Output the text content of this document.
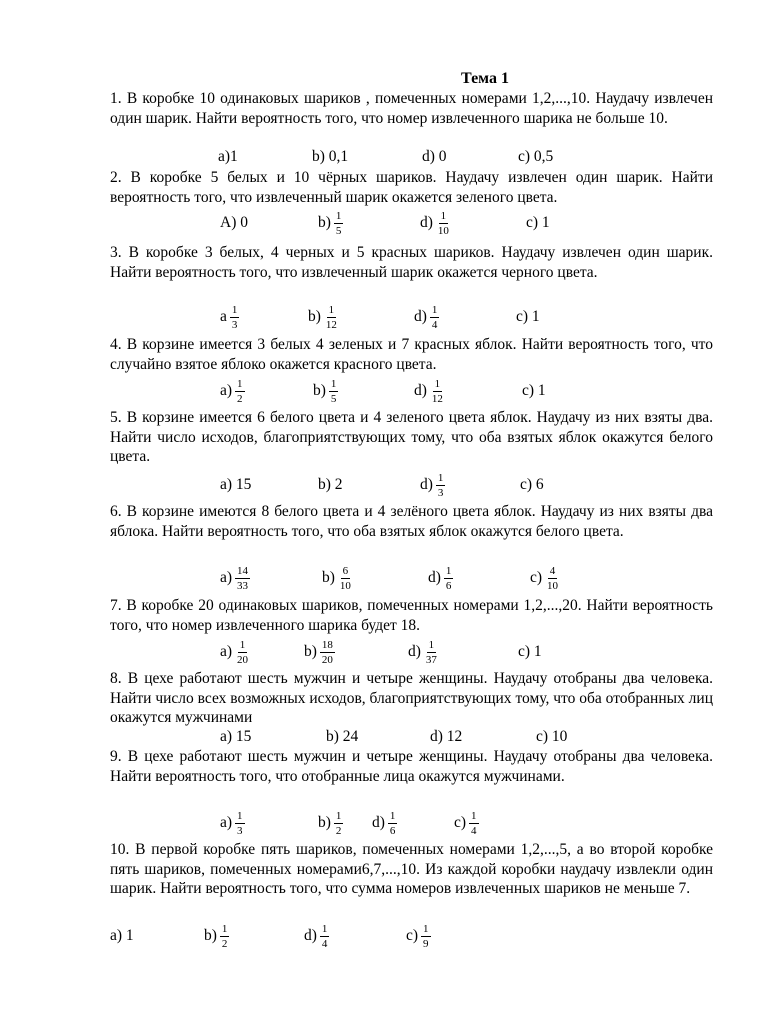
Тема 1

1. В коробке 10 одинаковых шариков , помеченных номерами 1,2,...,10. Наудачу извлечен один шарик. Найти вероятность того, что номер извлеченного шарика не больше 10.

a)1	b) 0,1	d) 0	c) 0,5

2. В коробке 5 белых и 10 чёрных шариков. Наудачу извлечен один шарик. Найти вероятность того, что извлеченный шарик окажется зеленого цвета.

A) 0	$b) \frac{1}{5}$	$d) \frac{1}{10}$	c) 1

3. В коробке 3 белых, 4 черных и 5 красных шариков. Наудачу извлечен один шарик. Найти вероятность того, что извлеченный шарик окажется черного цвета.

a $\frac{1}{3}$	$b) \frac{1}{12}$	$d) \frac{1}{4}$	c) 1

4. В корзине имеется 3 белых 4 зеленых и 7 красных яблок. Найти вероятность того, что случайно взятое яблоко окажется красного цвета.

$a) \frac{1}{2}$	$b) \frac{1}{5}$	$d) \frac{1}{12}$	c) 1

5. В корзине имеется 6 белого цвета и 4 зеленого цвета яблок. Наудачу из них взяты два. Найти число исходов, благоприятствующих тому, что оба взятых яблок окажутся белого цвета.

a) 15	b) 2	$d) \frac{1}{3}$	c) 6

6. В корзине имеются 8 белого цвета и 4 зелёного цвета яблок. Наудачу из них взяты два яблока. Найти вероятность того, что оба взятых яблок окажутся белого цвета.

$a) \frac{14}{33}$	$b) \frac{6}{10}$	$d) \frac{1}{6}$	$c) \frac{4}{10}$

7. В коробке 20 одинаковых шариков, помеченных номерами 1,2,...,20. Найти вероятность того, что номер извлеченного шарика будет 18.

$a) \frac{1}{20}$	$b) \frac{18}{20}$	$d) \frac{1}{37}$	c) 1

8. В цехе работают шесть мужчин и четыре женщины. Наудачу отобраны два человека. Найти число всех возможных исходов, благоприятствующих тому, что оба отобранных лиц окажутся мужчинами

a) 15	b) 24	d) 12	c) 10

9. В цехе работают шесть мужчин и четыре женщины. Наудачу отобраны два человека. Найти вероятность того, что отобранные лица окажутся мужчинами.

$a) \frac{1}{3}$	$b) \frac{1}{2} d) \frac{1}{6}$	$c) \frac{1}{4}$

10. В первой коробке пять шариков, помеченных номерами 1,2,...,5, а во второй коробке пять шариков, помеченных номерами6,7,...,10. Из каждой коробки наудачу извлекли один шарик. Найти вероятность того, что сумма номеров извлеченных шариков не меньше 7.

a) 1	$b) \frac{1}{2}$	$d) \frac{1}{4}$	$c) \frac{1}{9}$
